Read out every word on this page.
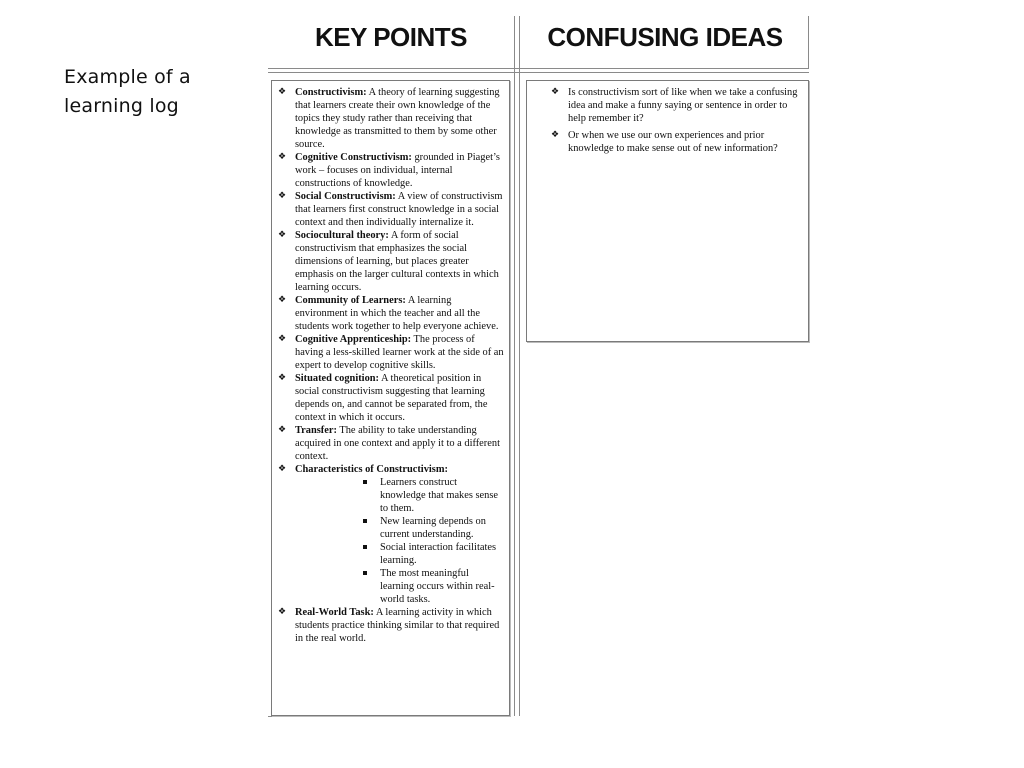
Example of a learning log
KEY POINTS	CONFUSING IDEAS
❖ Constructivism: A theory of learning suggesting that learners create their own knowledge of the topics they study rather than receiving that knowledge as transmitted to them by some other source.
❖ Cognitive Constructivism: grounded in Piaget’s work – focuses on individual, internal constructions of knowledge.
❖ Social Constructivism: A view of constructivism that learners first construct knowledge in a social context and then individually internalize it.
❖ Sociocultural theory: A form of social constructivism that emphasizes the social dimensions of learning, but places greater emphasis on the larger cultural contexts in which learning occurs.
❖ Community of Learners: A learning environment in which the teacher and all the students work together to help everyone achieve.
❖ Cognitive Apprenticeship: The process of having a less-skilled learner work at the side of an expert to develop cognitive skills.
❖ Situated cognition: A theoretical position in social constructivism suggesting that learning depends on, and cannot be separated from, the context in which it occurs.
❖ Transfer: The ability to take understanding acquired in one context and apply it to a different context.
❖ Characteristics of Constructivism:
Learners construct knowledge that makes sense to them.
New learning depends on current understanding.
Social interaction facilitates learning.
The most meaningful learning occurs within real-world tasks.
❖ Real-World Task: A learning activity in which students practice thinking similar to that required in the real world.
❖ Is constructivism sort of like when we take a confusing idea and make a funny saying or sentence in order to help remember it?
❖ Or when we use our own experiences and prior knowledge to make sense out of new information?
